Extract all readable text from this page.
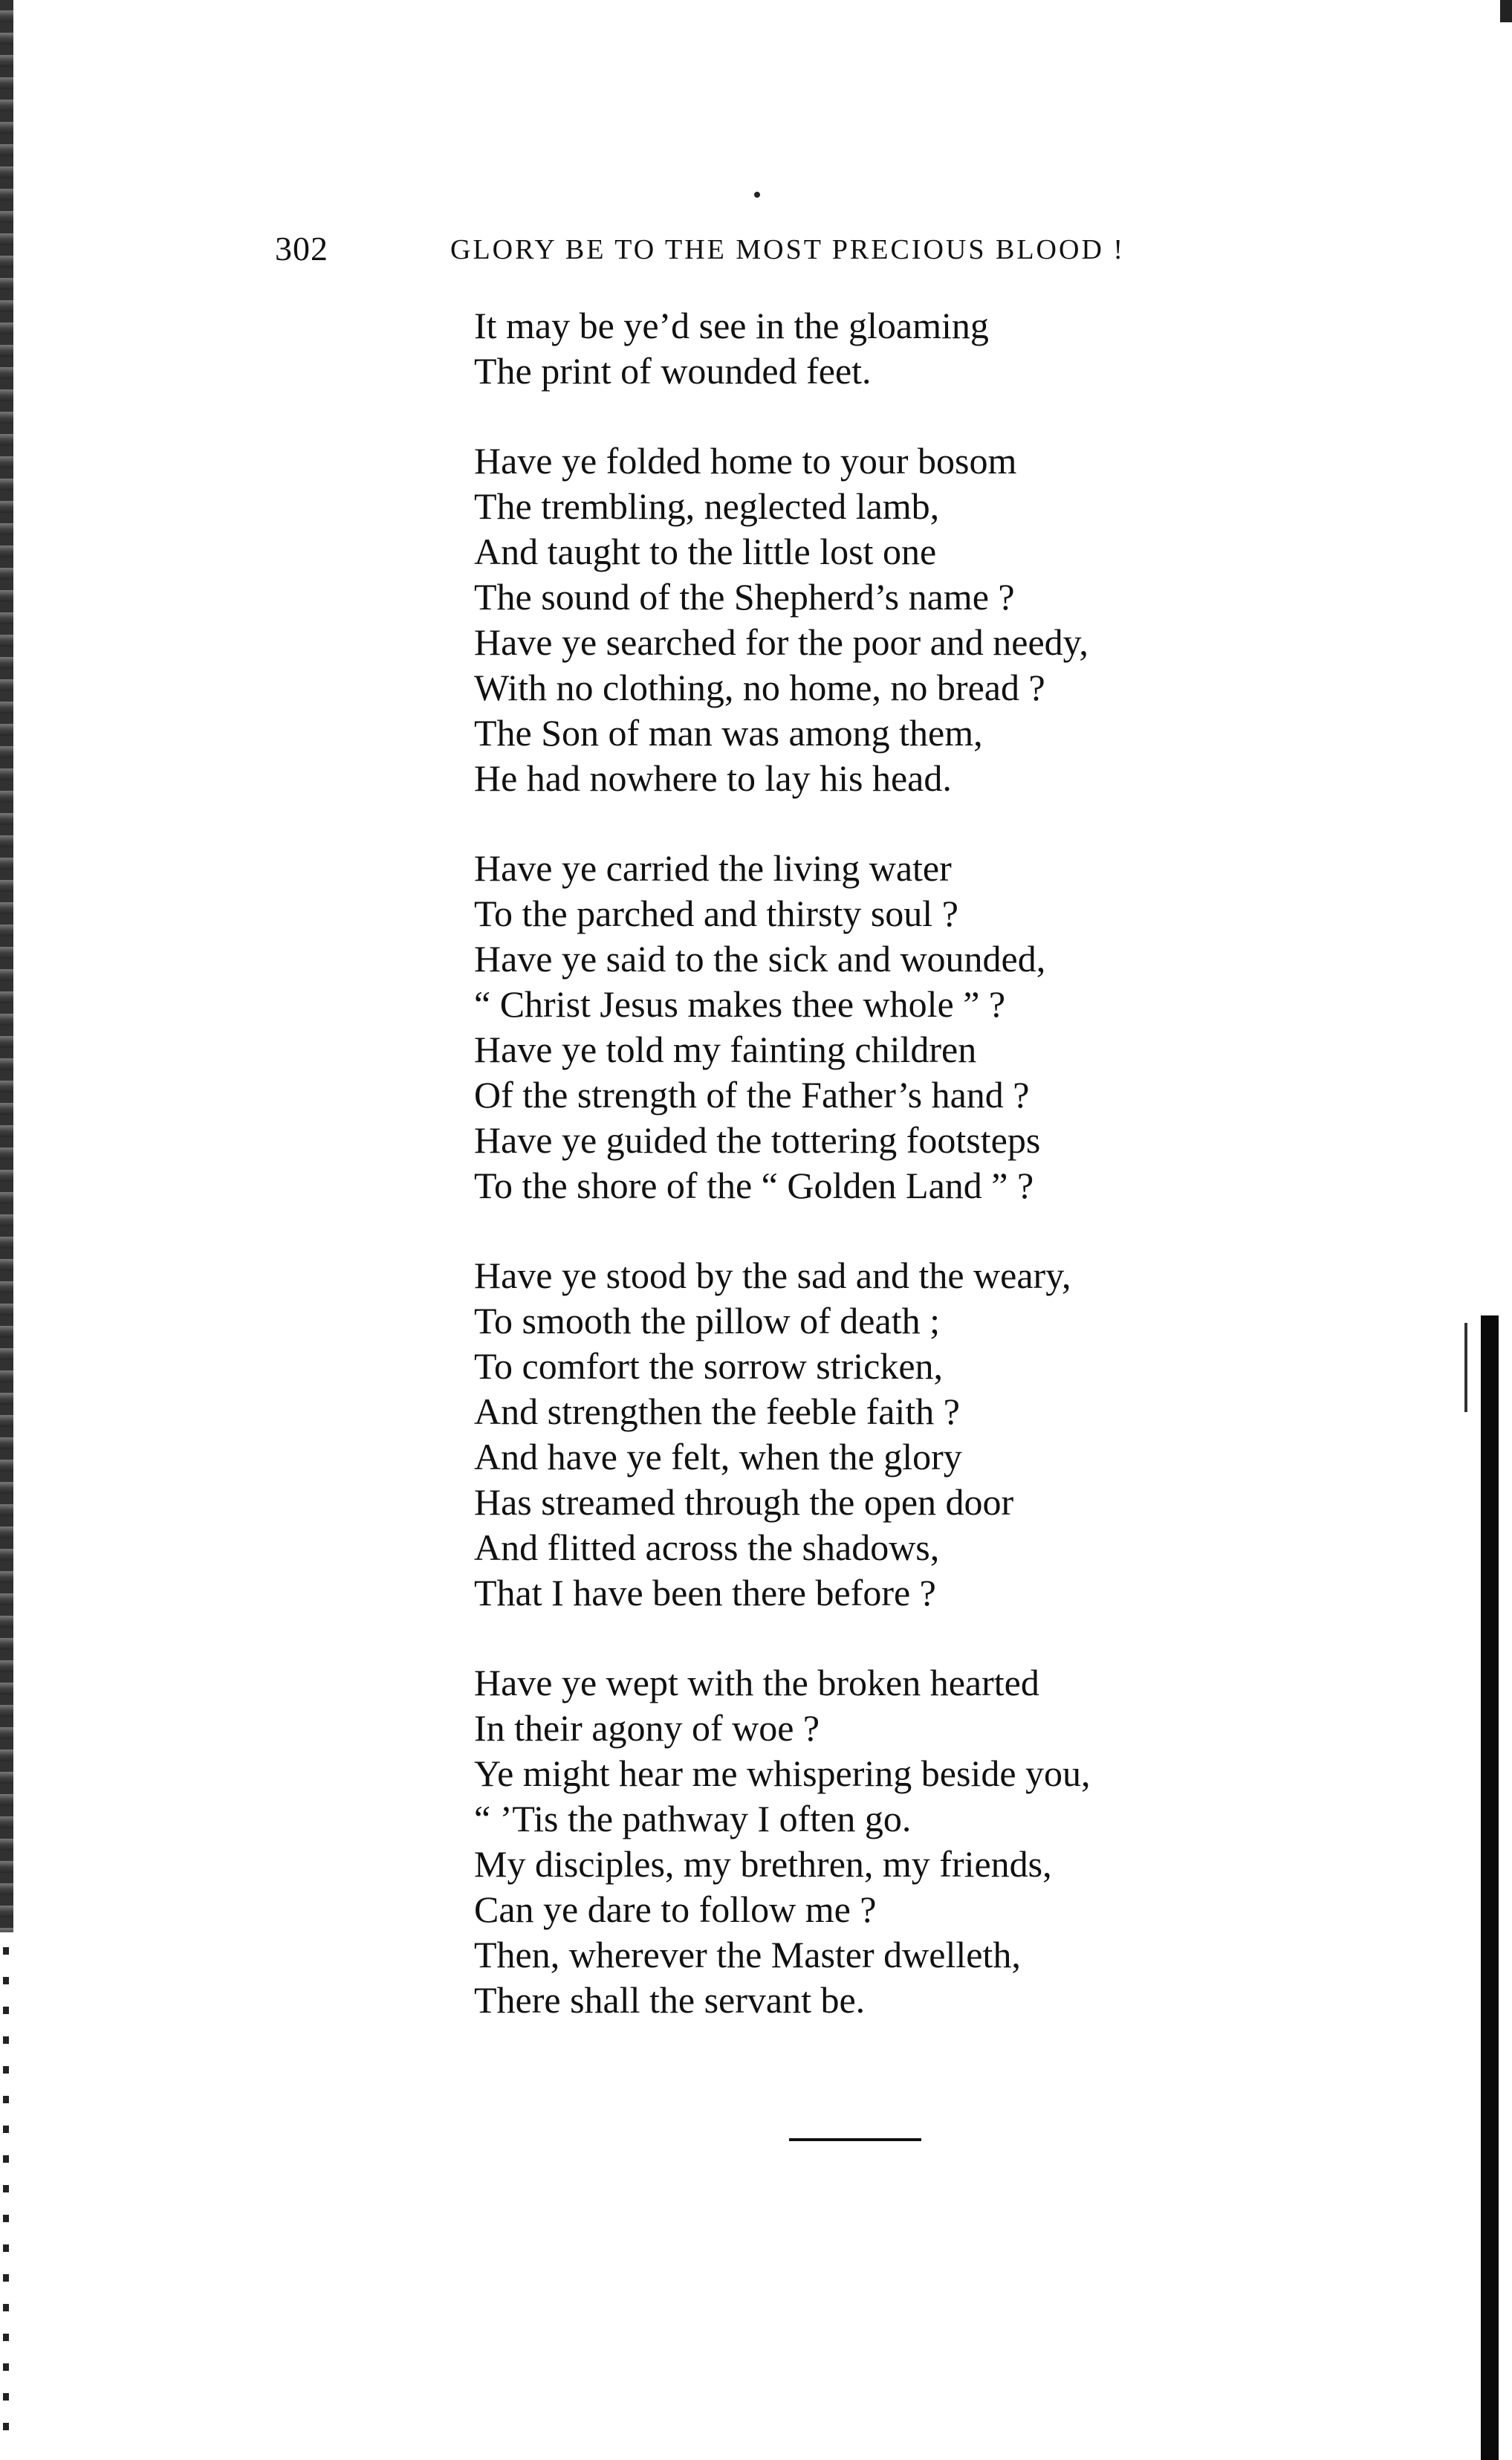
302	GLORY BE TO THE MOST PRECIOUS BLOOD !
It may be ye’d see in the gloaming
The print of wounded feet.
Have ye folded home to your bosom
The trembling, neglected lamb,
And taught to the little lost one
The sound of the Shepherd’s name ?
Have ye searched for the poor and needy,
With no clothing, no home, no bread ?
The Son of man was among them,
He had nowhere to lay his head.
Have ye carried the living water
To the parched and thirsty soul ?
Have ye said to the sick and wounded,
“ Christ Jesus makes thee whole ” ?
Have ye told my fainting children
Of the strength of the Father’s hand ?
Have ye guided the tottering footsteps
To the shore of the “ Golden Land ” ?
Have ye stood by the sad and the weary,
To smooth the pillow of death ;
To comfort the sorrow stricken,
And strengthen the feeble faith ?
And have ye felt, when the glory
Has streamed through the open door
And flitted across the shadows,
That I have been there before ?
Have ye wept with the broken hearted
In their agony of woe ?
Ye might hear me whispering beside you,
“ ’Tis the pathway I often go.
My disciples, my brethren, my friends,
Can ye dare to follow me ?
Then, wherever the Master dwelleth,
There shall the servant be.
